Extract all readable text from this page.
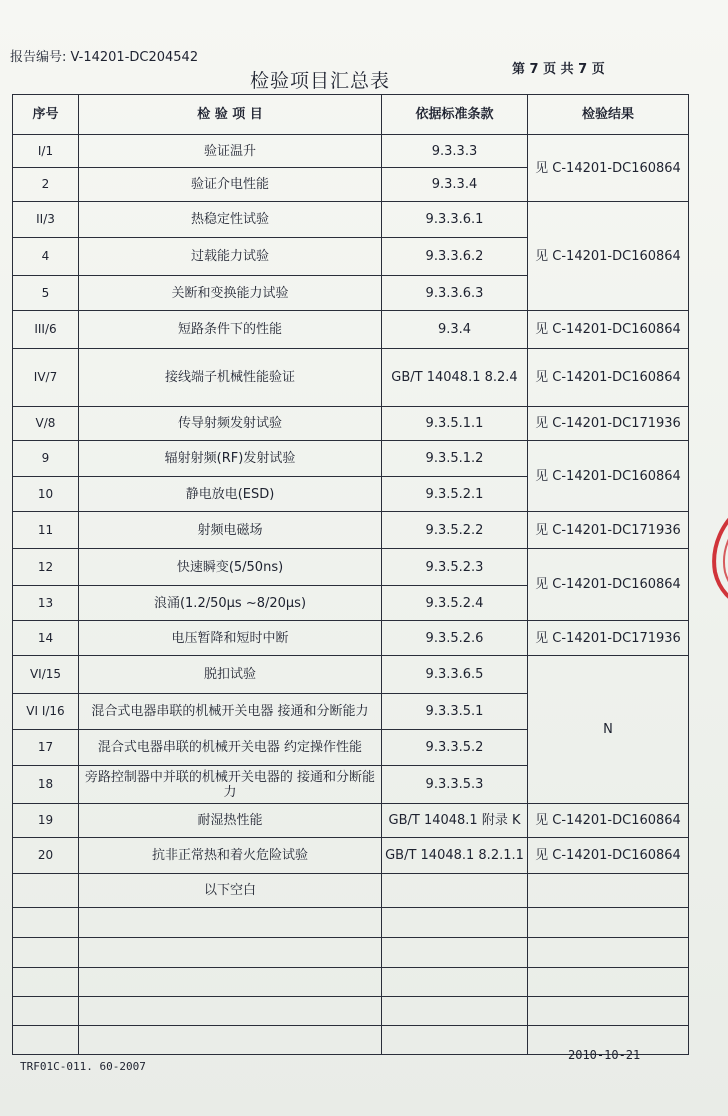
报告编号: V-14201-DC204542
第 7 页 共 7 页
检验项目汇总表
序号	检 验 项 目	依据标准条款	检验结果
I/1	验证温升	9.3.3.3	见 C-14201-DC160864
2	验证介电性能	9.3.3.4	
II/3	热稳定性试验	9.3.3.6.1	见 C-14201-DC160864
4	过载能力试验	9.3.3.6.2	
5	关断和变换能力试验	9.3.3.6.3	
III/6	短路条件下的性能	9.3.4	见 C-14201-DC160864
IV/7	接线端子机械性能验证	GB/T 14048.1 8.2.4	见 C-14201-DC160864
V/8	传导射频发射试验	9.3.5.1.1	见 C-14201-DC171936
9	辐射射频(RF)发射试验	9.3.5.1.2	见 C-14201-DC160864
10	静电放电(ESD)	9.3.5.2.1	
11	射频电磁场	9.3.5.2.2	见 C-14201-DC171936
12	快速瞬变(5/50ns)	9.3.5.2.3	见 C-14201-DC160864
13	浪涌(1.2/50μs ~8/20μs)	9.3.5.2.4	
14	电压暂降和短时中断	9.3.5.2.6	见 C-14201-DC171936
VI/15	脱扣试验	9.3.3.6.5	N
VI I/16	混合式电器串联的机械开关电器 接通和分断能力	9.3.3.5.1	
17	混合式电器串联的机械开关电器 约定操作性能	9.3.3.5.2	
18	旁路控制器中并联的机械开关电器的 接通和分断能力	9.3.3.5.3	
19	耐湿热性能	GB/T 14048.1 附录 K	见 C-14201-DC160864
20	抗非正常热和着火危险试验	GB/T 14048.1 8.2.1.1	见 C-14201-DC160864
	以下空白		

TRF01C-011. 60-2007
2010-10-21
